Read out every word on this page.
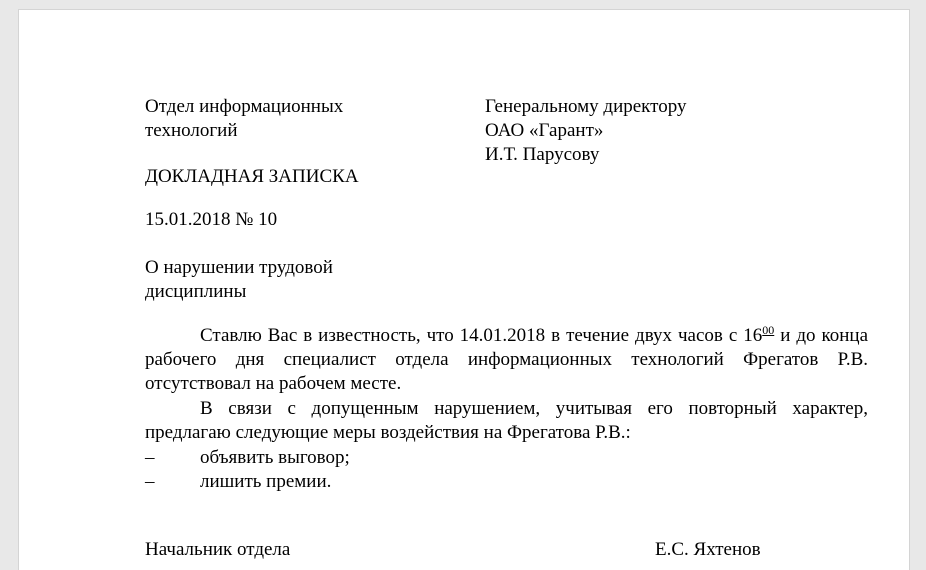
Отдел информационных
технологий
Генеральному директору
ОАО «Гарант»
И.Т. Парусову
ДОКЛАДНАЯ ЗАПИСКА
15.01.2018 № 10
О нарушении трудовой
дисциплины
Ставлю Вас в известность, что 14.01.2018 в течение двух часов с $16^{00}$ и до конца рабочего дня специалист отдела информационных технологий Фрегатов Р.В. отсутствовал на рабочем месте.
В связи с допущенным нарушением, учитывая его повторный характер, предлагаю следующие меры воздействия на Фрегатова Р.В.:
– объявить выговор;
– лишить премии.
Начальник отдела	Е.С. Яхтенов
